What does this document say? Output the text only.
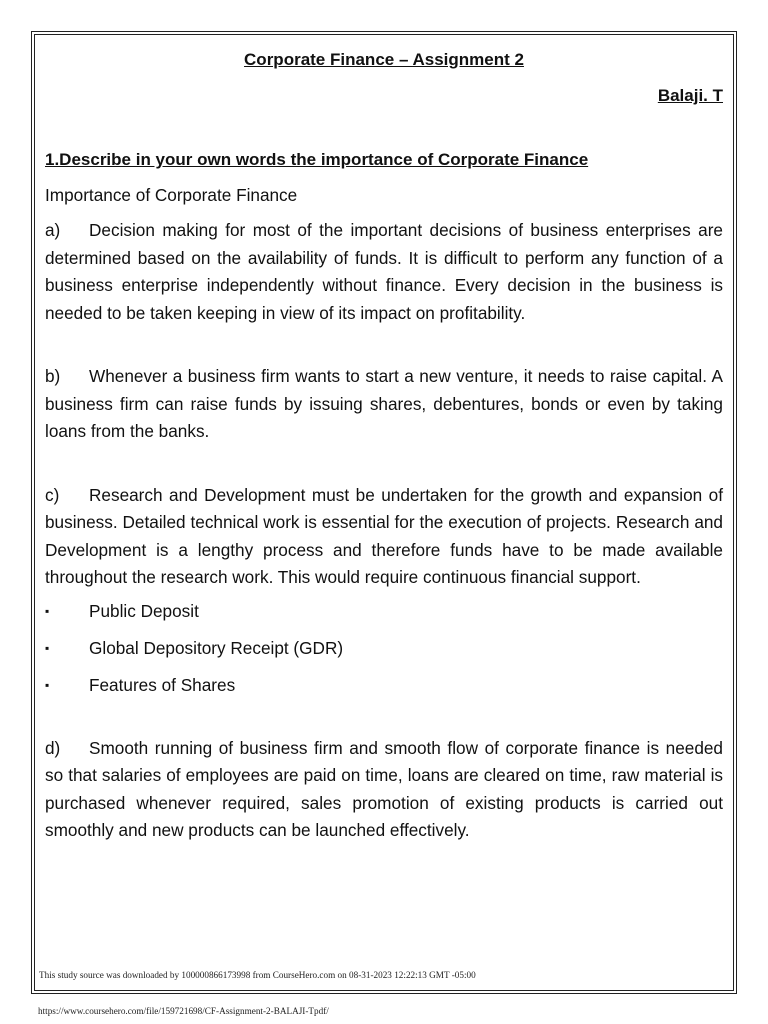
Corporate Finance – Assignment 2

Balaji. T

1.Describe in your own words the importance of Corporate Finance

Importance of Corporate Finance

a) Decision making for most of the important decisions of business enterprises are determined based on the availability of funds. It is difficult to perform any function of a business enterprise independently without finance. Every decision in the business is needed to be taken keeping in view of its impact on profitability.

b) Whenever a business firm wants to start a new venture, it needs to raise capital. A business firm can raise funds by issuing shares, debentures, bonds or even by taking loans from the banks.

c) Research and Development must be undertaken for the growth and expansion of business. Detailed technical work is essential for the execution of projects. Research and Development is a lengthy process and therefore funds have to be made available throughout the research work. This would require continuous financial support.

▪	Public Deposit
▪	Global Depository Receipt (GDR)
▪	Features of Shares

d) Smooth running of business firm and smooth flow of corporate finance is needed so that salaries of employees are paid on time, loans are cleared on time, raw material is purchased whenever required, sales promotion of existing products is carried out smoothly and new products can be launched effectively.

This study source was downloaded by 100000866173998 from CourseHero.com on 08-31-2023 12:22:13 GMT -05:00
https://www.coursehero.com/file/159721698/CF-Assignment-2-BALAJI-Tpdf/
